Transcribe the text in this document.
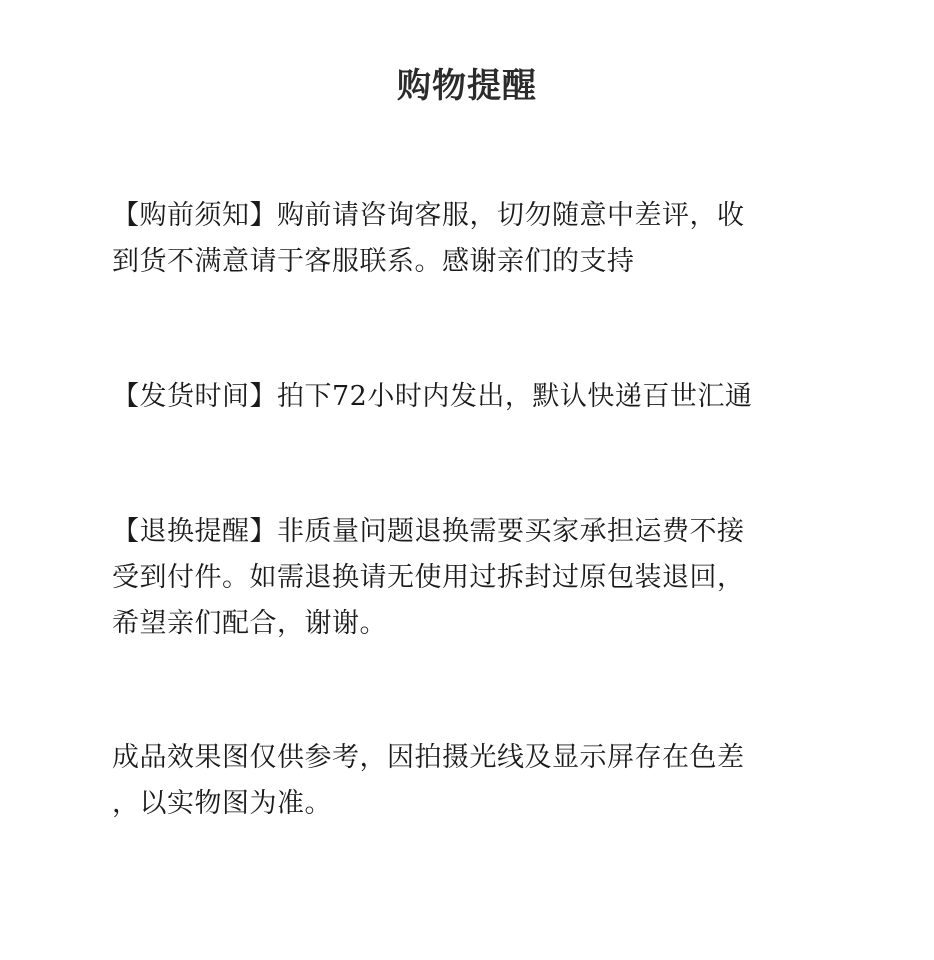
购物提醒

【购前须知】购前请咨询客服，切勿随意中差评，收
到货不满意请于客服联系。感谢亲们的支持

【发货时间】拍下72小时内发出，默认快递百世汇通

【退换提醒】非质量问题退换需要买家承担运费不接
受到付件。如需退换请无使用过拆封过原包装退回，
希望亲们配合，谢谢。

成品效果图仅供参考，因拍摄光线及显示屏存在色差
，以实物图为准。
